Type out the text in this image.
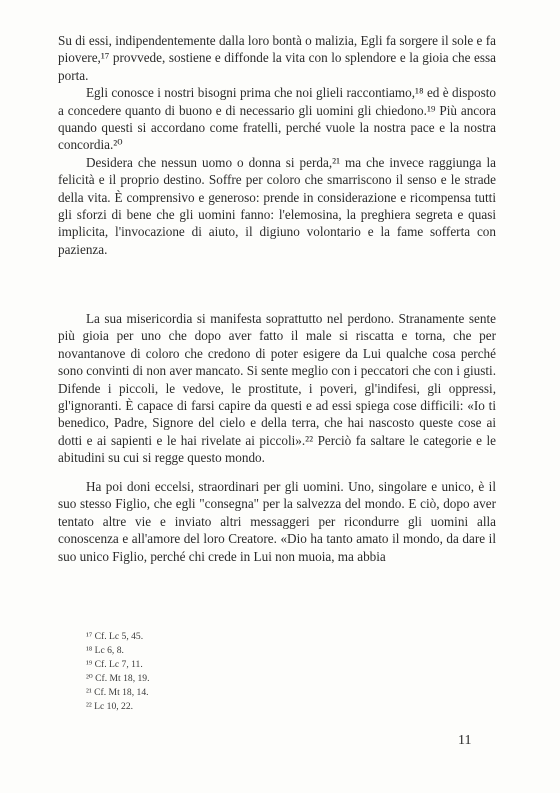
Su di essi, indipendentemente dalla loro bontà o malizia, Egli fa sorgere il sole e fa piovere,¹⁷ provvede, sostiene e diffonde la vita con lo splendore e la gioia che essa porta.

Egli conosce i nostri bisogni prima che noi glieli raccontiamo,¹⁸ ed è disposto a concedere quanto di buono e di necessario gli uomini gli chiedono.¹⁹ Più ancora quando questi si accordano come fratelli, perché vuole la nostra pace e la nostra concordia.²⁰

Desidera che nessun uomo o donna si perda,²¹ ma che invece raggiunga la felicità e il proprio destino. Soffre per coloro che smarriscono il senso e le strade della vita. È comprensivo e generoso: prende in considerazione e ricompensa tutti gli sforzi di bene che gli uomini fanno: l'elemosina, la preghiera segreta e quasi implicita, l'invocazione di aiuto, il digiuno volontario e la fame sofferta con pazienza.

La sua misericordia si manifesta soprattutto nel perdono. Stranamente sente più gioia per uno che dopo aver fatto il male si riscatta e torna, che per novantanove di coloro che credono di poter esigere da Lui qualche cosa perché sono convinti di non aver mancato. Si sente meglio con i peccatori che con i giusti. Difende i piccoli, le vedove, le prostitute, i poveri, gl'indifesi, gli oppressi, gl'ignoranti. È capace di farsi capire da questi e ad essi spiega cose difficili: «Io ti benedico, Padre, Signore del cielo e della terra, che hai nascosto queste cose ai dotti e ai sapienti e le hai rivelate ai piccoli».²² Perciò fa saltare le categorie e le abitudini su cui si regge questo mondo.

Ha poi doni eccelsi, straordinari per gli uomini. Uno, singolare e unico, è il suo stesso Figlio, che egli "consegna" per la salvezza del mondo. E ciò, dopo aver tentato altre vie e inviato altri messaggeri per ricondurre gli uomini alla conoscenza e all'amore del loro Creatore. «Dio ha tanto amato il mondo, da dare il suo unico Figlio, perché chi crede in Lui non muoia, ma abbia

¹⁷ Cf. Lc 5, 45.
¹⁸ Lc 6, 8.
¹⁹ Cf. Lc 7, 11.
²⁰ Cf. Mt 18, 19.
²¹ Cf. Mt 18, 14.
²² Lc 10, 22.
11
